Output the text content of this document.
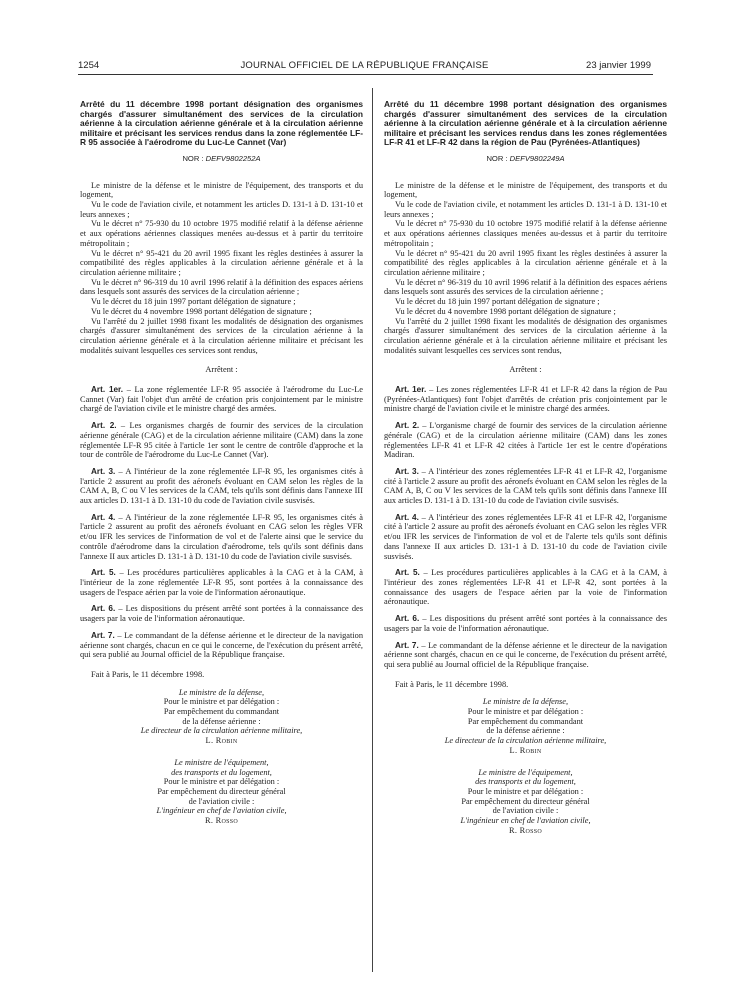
1254	JOURNAL OFFICIEL DE LA RÉPUBLIQUE FRANÇAISE	23 janvier 1999
Arrêté du 11 décembre 1998 portant désignation des organismes chargés d'assurer simultanément des services de la circulation aérienne à la circulation aérienne générale et à la circulation aérienne militaire et précisant les services rendus dans la zone réglementée LF-R 95 associée à l'aérodrome du Luc-Le Cannet (Var)
NOR : DEFV9802252A

Le ministre de la défense et le ministre de l'équipement, des transports et du logement,

Vu le code de l'aviation civile, et notamment les articles D. 131-1 à D. 131-10 et leurs annexes ;

Vu le décret n° 75-930 du 10 octobre 1975 modifié relatif à la défense aérienne et aux opérations aériennes classiques menées au-dessus et à partir du territoire métropolitain ;

Vu le décret n° 95-421 du 20 avril 1995 fixant les règles destinées à assurer la compatibilité des règles applicables à la circulation aérienne générale et à la circulation aérienne militaire ;

Vu le décret n° 96-319 du 10 avril 1996 relatif à la définition des espaces aériens dans lesquels sont assurés des services de la circulation aérienne ;

Vu le décret du 18 juin 1997 portant délégation de signature ;

Vu le décret du 4 novembre 1998 portant délégation de signature ;

Vu l'arrêté du 2 juillet 1998 fixant les modalités de désignation des organismes chargés d'assurer simultanément des services de la circulation aérienne à la circulation aérienne générale et à la circulation aérienne militaire et précisant les modalités suivant lesquelles ces services sont rendus,

Arrêtent :

Art. 1er. – La zone réglementée LF-R 95 associée à l'aérodrome du Luc-Le Cannet (Var) fait l'objet d'un arrêté de création pris conjointement par le ministre chargé de l'aviation civile et le ministre chargé des armées.

Art. 2. – Les organismes chargés de fournir des services de la circulation aérienne générale (CAG) et de la circulation aérienne militaire (CAM) dans la zone réglementée LF-R 95 citée à l'article 1er sont le centre de contrôle d'approche et la tour de contrôle de l'aérodrome du Luc-Le Cannet (Var).

Art. 3. – A l'intérieur de la zone réglementée LF-R 95, les organismes cités à l'article 2 assurent au profit des aéronefs évoluant en CAM selon les règles de la CAM A, B, C ou V les services de la CAM, tels qu'ils sont définis dans l'annexe III aux articles D. 131-1 à D. 131-10 du code de l'aviation civile susvisés.

Art. 4. – A l'intérieur de la zone réglementée LF-R 95, les organismes cités à l'article 2 assurent au profit des aéronefs évoluant en CAG selon les règles VFR et/ou IFR les services de l'information de vol et de l'alerte ainsi que le service du contrôle d'aérodrome dans la circulation d'aérodrome, tels qu'ils sont définis dans l'annexe II aux articles D. 131-1 à D. 131-10 du code de l'aviation civile susvisés.

Art. 5. – Les procédures particulières applicables à la CAG et à la CAM, à l'intérieur de la zone réglementée LF-R 95, sont portées à la connaissance des usagers de l'espace aérien par la voie de l'information aéronautique.

Art. 6. – Les dispositions du présent arrêté sont portées à la connaissance des usagers par la voie de l'information aéronautique.

Art. 7. – Le commandant de la défense aérienne et le directeur de la navigation aérienne sont chargés, chacun en ce qui le concerne, de l'exécution du présent arrêté, qui sera publié au Journal officiel de la République française.

Fait à Paris, le 11 décembre 1998.

Le ministre de la défense,
Pour le ministre et par délégation :
Par empêchement du commandant
de la défense aérienne :
Le directeur de la circulation aérienne militaire,
L. Robin
Le ministre de l'équipement,
des transports et du logement,
Pour le ministre et par délégation :
Par empêchement du directeur général
de l'aviation civile :
L'ingénieur en chef de l'aviation civile,
R. Rosso
Arrêté du 11 décembre 1998 portant désignation des organismes chargés d'assurer simultanément des services de la circulation aérienne à la circulation aérienne générale et à la circulation aérienne militaire et précisant les services rendus dans les zones réglementées LF-R 41 et LF-R 42 dans la région de Pau (Pyrénées-Atlantiques)
NOR : DEFV9802249A

Le ministre de la défense et le ministre de l'équipement, des transports et du logement,

Vu le code de l'aviation civile, et notamment les articles D. 131-1 à D. 131-10 et leurs annexes ;

Vu le décret n° 75-930 du 10 octobre 1975 modifié relatif à la défense aérienne et aux opérations aériennes classiques menées au-dessus et à partir du territoire métropolitain ;

Vu le décret n° 95-421 du 20 avril 1995 fixant les règles destinées à assurer la compatibilité des règles applicables à la circulation aérienne générale et à la circulation aérienne militaire ;

Vu le décret n° 96-319 du 10 avril 1996 relatif à la définition des espaces aériens dans lesquels sont assurés des services de la circulation aérienne ;

Vu le décret du 18 juin 1997 portant délégation de signature ;

Vu le décret du 4 novembre 1998 portant délégation de signature ;

Vu l'arrêté du 2 juillet 1998 fixant les modalités de désignation des organismes chargés d'assurer simultanément des services de la circulation aérienne à la circulation aérienne générale et à la circulation aérienne militaire et précisant les modalités suivant lesquelles ces services sont rendus,

Arrêtent :

Art. 1er. – Les zones réglementées LF-R 41 et LF-R 42 dans la région de Pau (Pyrénées-Atlantiques) font l'objet d'arrêtés de création pris conjointement par le ministre chargé de l'aviation civile et le ministre chargé des armées.

Art. 2. – L'organisme chargé de fournir des services de la circulation aérienne générale (CAG) et de la circulation aérienne militaire (CAM) dans les zones réglementées LF-R 41 et LF-R 42 citées à l'article 1er est le centre d'opérations Madiran.

Art. 3. – A l'intérieur des zones réglementées LF-R 41 et LF-R 42, l'organisme cité à l'article 2 assure au profit des aéronefs évoluant en CAM selon les règles de la CAM A, B, C ou V les services de la CAM tels qu'ils sont définis dans l'annexe III aux articles D. 131-1 à D. 131-10 du code de l'aviation civile susvisés.

Art. 4. – A l'intérieur des zones réglementées LF-R 41 et LF-R 42, l'organisme cité à l'article 2 assure au profit des aéronefs évoluant en CAG selon les règles VFR et/ou IFR les services de l'information de vol et de l'alerte tels qu'ils sont définis dans l'annexe II aux articles D. 131-1 à D. 131-10 du code de l'aviation civile susvisés.

Art. 5. – Les procédures particulières applicables à la CAG et à la CAM, à l'intérieur des zones réglementées LF-R 41 et LF-R 42, sont portées à la connaissance des usagers de l'espace aérien par la voie de l'information aéronautique.

Art. 6. – Les dispositions du présent arrêté sont portées à la connaissance des usagers par la voie de l'information aéronautique.

Art. 7. – Le commandant de la défense aérienne et le directeur de la navigation aérienne sont chargés, chacun en ce qui le concerne, de l'exécution du présent arrêté, qui sera publié au Journal officiel de la République française.

Fait à Paris, le 11 décembre 1998.

Le ministre de la défense,
Pour le ministre et par délégation :
Par empêchement du commandant
de la défense aérienne :
Le directeur de la circulation aérienne militaire,
L. Robin
Le ministre de l'équipement,
des transports et du logement,
Pour le ministre et par délégation :
Par empêchement du directeur général
de l'aviation civile :
L'ingénieur en chef de l'aviation civile,
R. Rosso
